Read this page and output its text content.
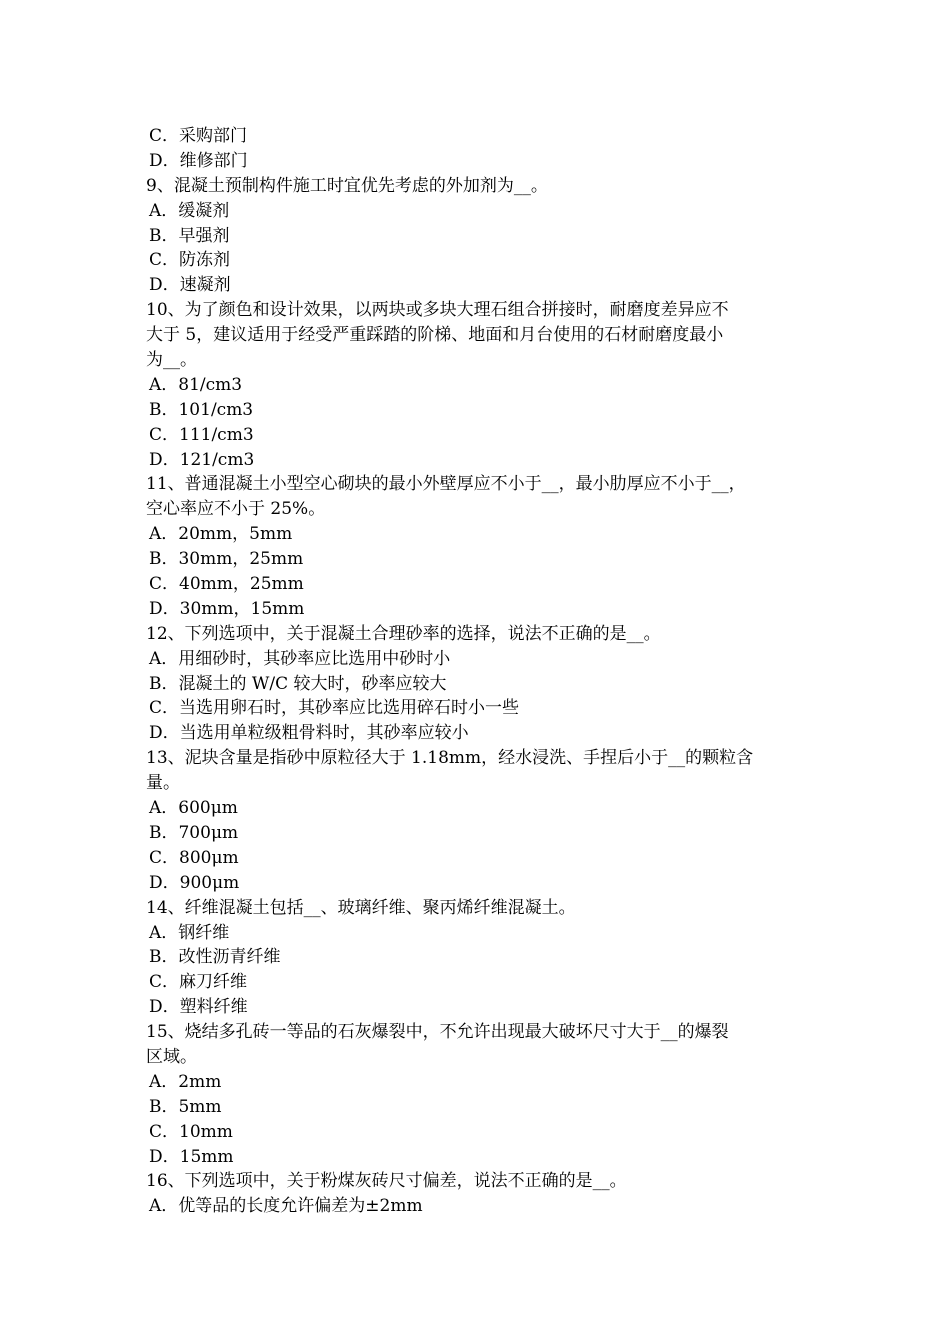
C．采购部门
D．维修部门
9、混凝土预制构件施工时宜优先考虑的外加剂为__。
A．缓凝剂
B．早强剂
C．防冻剂
D．速凝剂
10、为了颜色和设计效果，以两块或多块大理石组合拼接时，耐磨度差异应不
大于 5，建议适用于经受严重踩踏的阶梯、地面和月台使用的石材耐磨度最小
为__。
A．81/cm3
B．101/cm3
C．111/cm3
D．121/cm3
11、普通混凝土小型空心砌块的最小外壁厚应不小于__，最小肋厚应不小于__，
空心率应不小于 25%。
A．20mm，5mm
B．30mm，25mm
C．40mm，25mm
D．30mm，15mm
12、下列选项中，关于混凝土合理砂率的选择，说法不正确的是__。
A．用细砂时，其砂率应比选用中砂时小
B．混凝土的 W/C 较大时，砂率应较大
C．当选用卵石时，其砂率应比选用碎石时小一些
D．当选用单粒级粗骨料时，其砂率应较小
13、泥块含量是指砂中原粒径大于 1.18mm，经水浸洗、手捏后小于__的颗粒含
量。
A．600μm
B．700μm
C．800μm
D．900μm
14、纤维混凝土包括__、玻璃纤维、聚丙烯纤维混凝土。
A．钢纤维
B．改性沥青纤维
C．麻刀纤维
D．塑料纤维
15、烧结多孔砖一等品的石灰爆裂中，不允许出现最大破坏尺寸大于__的爆裂
区域。
A．2mm
B．5mm
C．10mm
D．15mm
16、下列选项中，关于粉煤灰砖尺寸偏差，说法不正确的是__。
A．优等品的长度允许偏差为±2mm
